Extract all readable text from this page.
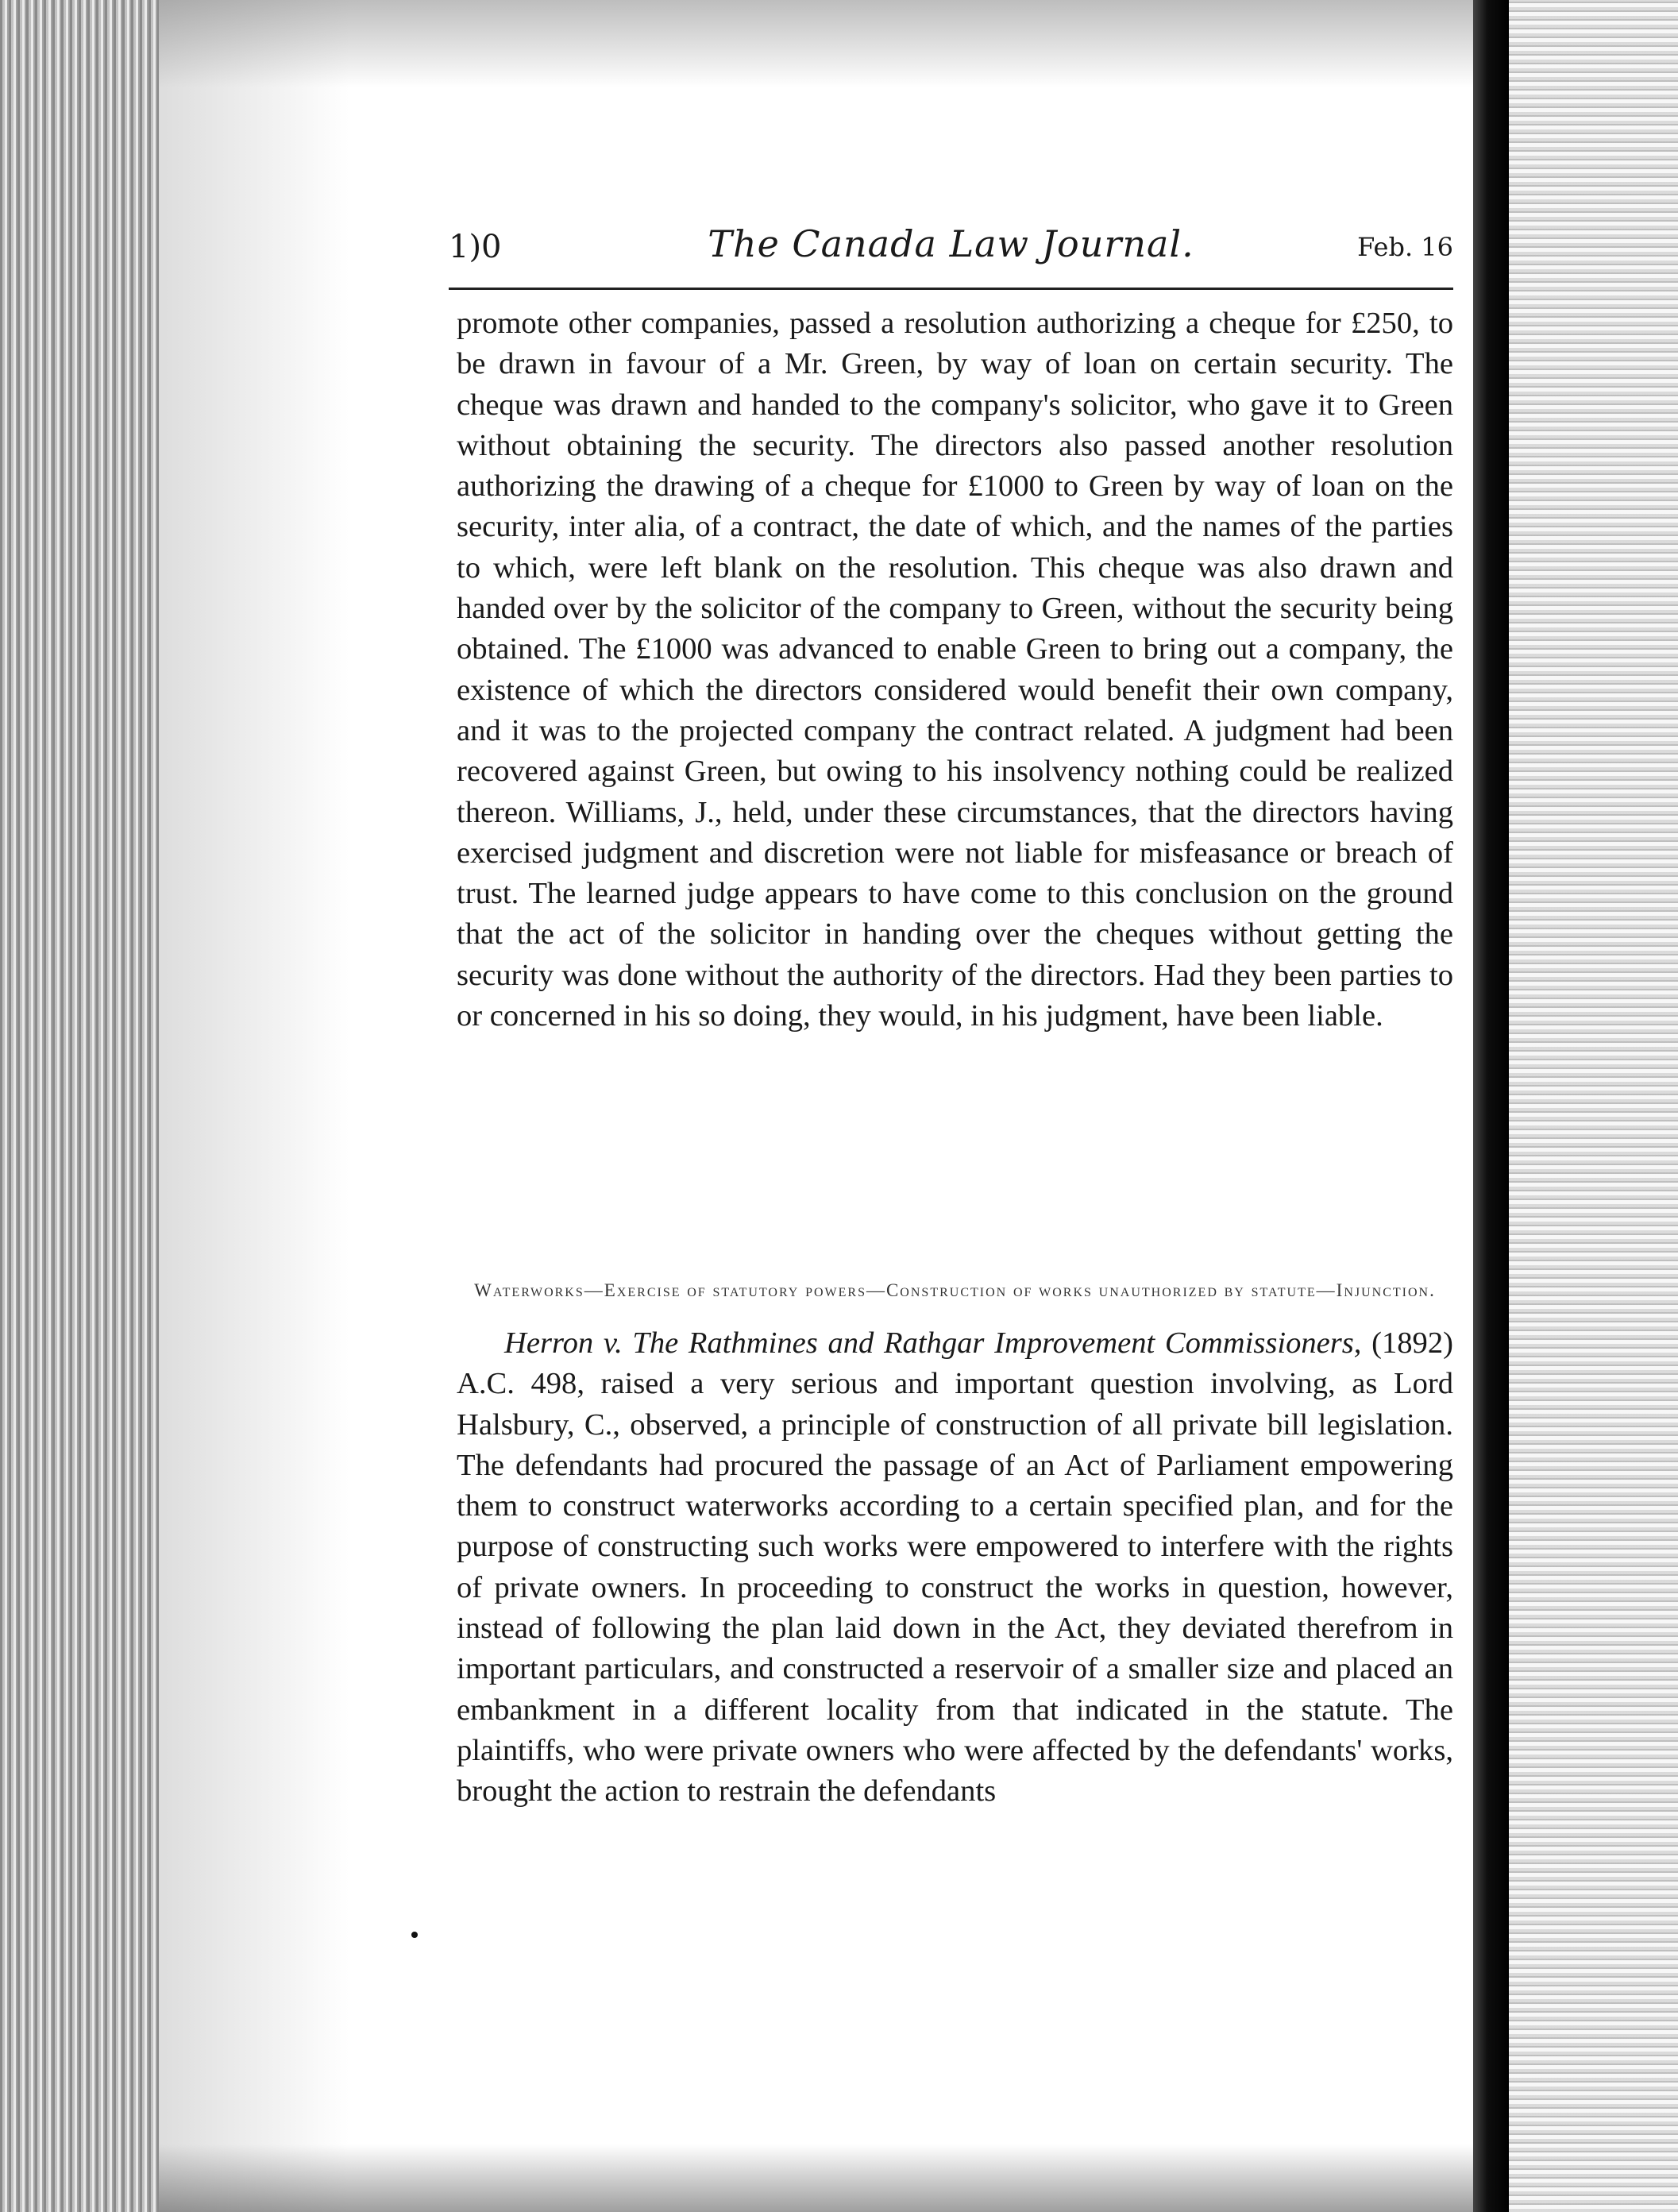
1)0	The Canada Law Journal.	Feb. 16
promote other companies, passed a resolution authorizing a cheque for £250, to be drawn in favour of a Mr. Green, by way of loan on certain security. The cheque was drawn and handed to the company's solicitor, who gave it to Green without obtaining the security. The directors also passed another resolution authorizing the drawing of a cheque for £1000 to Green by way of loan on the security, inter alia, of a contract, the date of which, and the names of the parties to which, were left blank on the resolution. This cheque was also drawn and handed over by the solicitor of the company to Green, without the security being obtained. The £1000 was advanced to enable Green to bring out a company, the existence of which the directors considered would benefit their own company, and it was to the projected company the contract related. A judgment had been recovered against Green, but owing to his insolvency nothing could be realized thereon. Williams, J., held, under these circumstances, that the directors having exercised judgment and discretion were not liable for misfeasance or breach of trust. The learned judge appears to have come to this conclusion on the ground that the act of the solicitor in handing over the cheques without getting the security was done without the authority of the directors. Had they been parties to or concerned in his so doing, they would, in his judgment, have been liable.
Waterworks—Exercise of statutory powers—Construction of works unauthorized by statute—Injunction.
Herron v. The Rathmines and Rathgar Improvement Commissioners, (1892) A.C. 498, raised a very serious and important question involving, as Lord Halsbury, C., observed, a principle of construction of all private bill legislation. The defendants had procured the passage of an Act of Parliament empowering them to construct waterworks according to a certain specified plan, and for the purpose of constructing such works were empowered to interfere with the rights of private owners. In proceeding to construct the works in question, however, instead of following the plan laid down in the Act, they deviated therefrom in important particulars, and constructed a reservoir of a smaller size and placed an embankment in a different locality from that indicated in the statute. The plaintiffs, who were private owners who were affected by the defendants' works, brought the action to restrain the defendants
